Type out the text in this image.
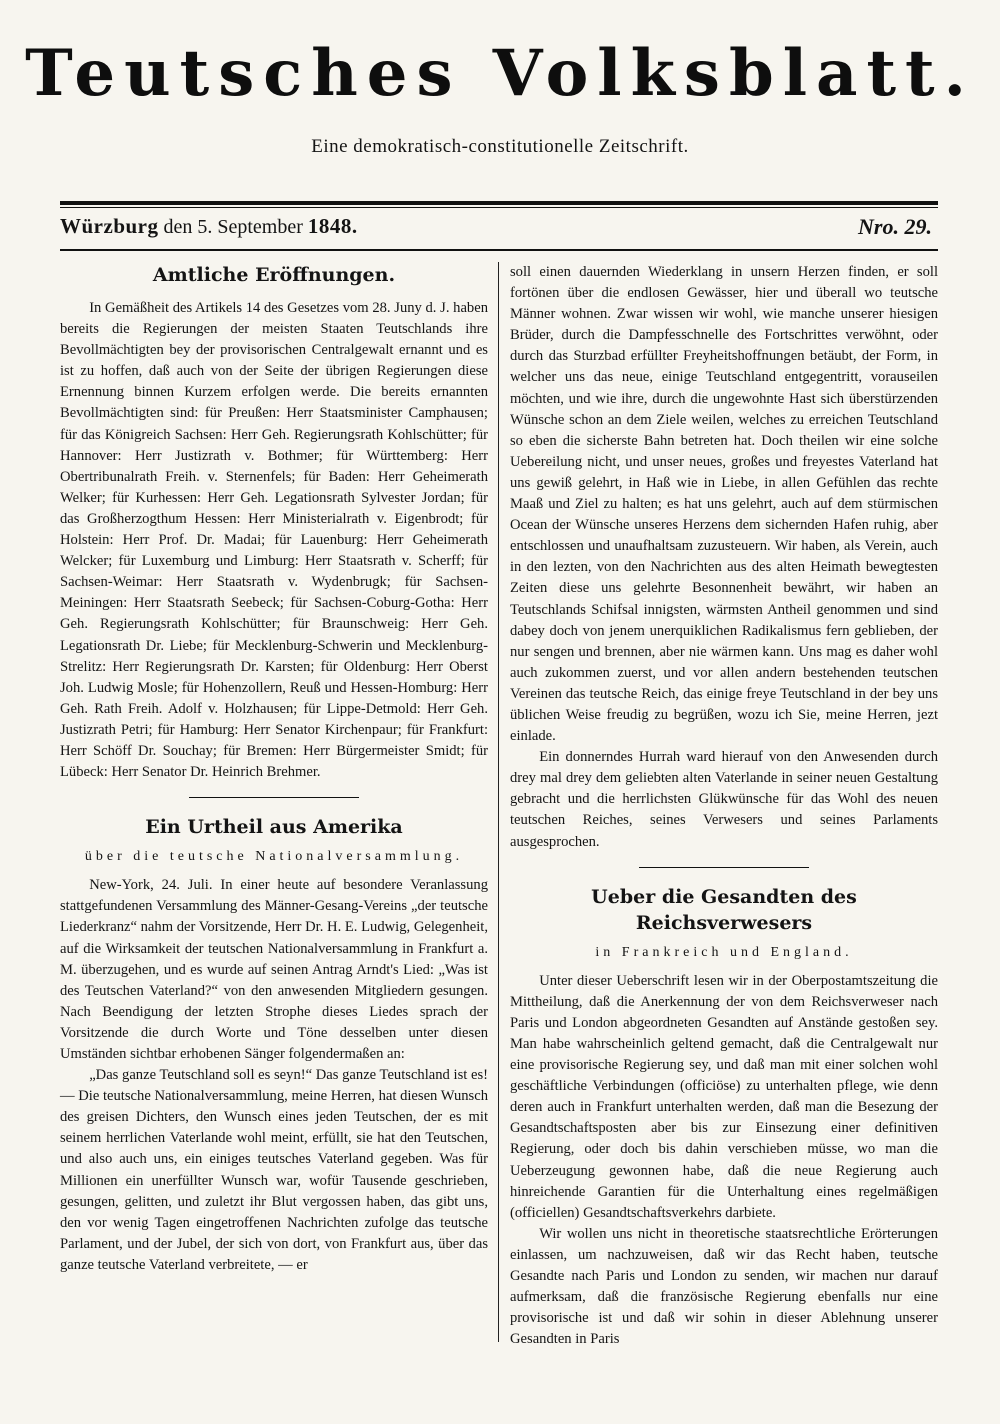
Teutsches Volksblatt.
Eine demokratisch-constitutionelle Zeitschrift.
Würzburg den 5. September 1848.	Nro. 29.
Amtliche Eröffnungen.

In Gemäßheit des Artikels 14 des Gesetzes vom 28. Juny d. J. haben bereits die Regierungen der meisten Staaten Teutschlands ihre Bevollmächtigten bey der provisorischen Centralgewalt ernannt und es ist zu hoffen, daß auch von der Seite der übrigen Regierungen diese Ernennung binnen Kurzem erfolgen werde. Die bereits ernannten Bevollmächtigten sind: für Preußen: Herr Staatsminister Camphausen; für das Königreich Sachsen: Herr Geh. Regierungsrath Kohlschütter; für Hannover: Herr Justizrath v. Bothmer; für Württemberg: Herr Obertribunalrath Freih. v. Sternenfels; für Baden: Herr Geheimerath Welker; für Kurhessen: Herr Geh. Legationsrath Sylvester Jordan; für das Großherzogthum Hessen: Herr Ministerialrath v. Eigenbrodt; für Holstein: Herr Prof. Dr. Madai; für Lauenburg: Herr Geheimerath Welcker; für Luxemburg und Limburg: Herr Staatsrath v. Scherff; für Sachsen-Weimar: Herr Staatsrath v. Wydenbrugk; für Sachsen-Meiningen: Herr Staatsrath Seebeck; für Sachsen-Coburg-Gotha: Herr Geh. Regierungsrath Kohlschütter; für Braunschweig: Herr Geh. Legationsrath Dr. Liebe; für Mecklenburg-Schwerin und Mecklenburg-Strelitz: Herr Regierungsrath Dr. Karsten; für Oldenburg: Herr Oberst Joh. Ludwig Mosle; für Hohenzollern, Reuß und Hessen-Homburg: Herr Geh. Rath Freih. Adolf v. Holzhausen; für Lippe-Detmold: Herr Geh. Justizrath Petri; für Hamburg: Herr Senator Kirchenpaur; für Frankfurt: Herr Schöff Dr. Souchay; für Bremen: Herr Bürgermeister Smidt; für Lübeck: Herr Senator Dr. Heinrich Brehmer.

Ein Urtheil aus Amerika
über die teutsche Nationalversammlung.

New-York, 24. Juli. In einer heute auf besondere Veranlassung stattgefundenen Versammlung des Männer-Gesang-Vereins „der teutsche Liederkranz“ nahm der Vorsitzende, Herr Dr. H. E. Ludwig, Gelegenheit, auf die Wirksamkeit der teutschen Nationalversammlung in Frankfurt a. M. überzugehen, und es wurde auf seinen Antrag Arndt's Lied: „Was ist des Teutschen Vaterland?“ von den anwesenden Mitgliedern gesungen. Nach Beendigung der letzten Strophe dieses Liedes sprach der Vorsitzende die durch Worte und Töne desselben unter diesen Umständen sichtbar erhobenen Sänger folgendermaßen an:

„Das ganze Teutschland soll es seyn!“ Das ganze Teutschland ist es! — Die teutsche Nationalversammlung, meine Herren, hat diesen Wunsch des greisen Dichters, den Wunsch eines jeden Teutschen, der es mit seinem herrlichen Vaterlande wohl meint, erfüllt, sie hat den Teutschen, und also auch uns, ein einiges teutsches Vaterland gegeben. Was für Millionen ein unerfüllter Wunsch war, wofür Tausende geschrieben, gesungen, gelitten, und zuletzt ihr Blut vergossen haben, das gibt uns, den vor wenig Tagen eingetroffenen Nachrichten zufolge das teutsche Parlament, und der Jubel, der sich von dort, von Frankfurt aus, über das ganze teutsche Vaterland verbreitete, — er

soll einen dauernden Wiederklang in unsern Herzen finden, er soll fortönen über die endlosen Gewässer, hier und überall wo teutsche Männer wohnen. Zwar wissen wir wohl, wie manche unserer hiesigen Brüder, durch die Dampfesschnelle des Fortschrittes verwöhnt, oder durch das Sturzbad erfüllter Freyheitshoffnungen betäubt, der Form, in welcher uns das neue, einige Teutschland entgegentritt, vorauseilen möchten, und wie ihre, durch die ungewohnte Hast sich überstürzenden Wünsche schon an dem Ziele weilen, welches zu erreichen Teutschland so eben die sicherste Bahn betreten hat. Doch theilen wir eine solche Uebereilung nicht, und unser neues, großes und freyestes Vaterland hat uns gewiß gelehrt, in Haß wie in Liebe, in allen Gefühlen das rechte Maaß und Ziel zu halten; es hat uns gelehrt, auch auf dem stürmischen Ocean der Wünsche unseres Herzens dem sichernden Hafen ruhig, aber entschlossen und unaufhaltsam zuzusteuern. Wir haben, als Verein, auch in den lezten, von den Nachrichten aus des alten Heimath bewegtesten Zeiten diese uns gelehrte Besonnenheit bewährt, wir haben an Teutschlands Schifsal innigsten, wärmsten Antheil genommen und sind dabey doch von jenem unerquiklichen Radikalismus fern geblieben, der nur sengen und brennen, aber nie wärmen kann. Uns mag es daher wohl auch zukommen zuerst, und vor allen andern bestehenden teutschen Vereinen das teutsche Reich, das einige freye Teutschland in der bey uns üblichen Weise freudig zu begrüßen, wozu ich Sie, meine Herren, jezt einlade.

Ein donnerndes Hurrah ward hierauf von den Anwesenden durch drey mal drey dem geliebten alten Vaterlande in seiner neuen Gestaltung gebracht und die herrlichsten Glükwünsche für das Wohl des neuen teutschen Reiches, seines Verwesers und seines Parlaments ausgesprochen.

Ueber die Gesandten des Reichsverwesers
in Frankreich und England.

Unter dieser Ueberschrift lesen wir in der Oberpostamtszeitung die Mittheilung, daß die Anerkennung der von dem Reichsverweser nach Paris und London abgeordneten Gesandten auf Anstände gestoßen sey. Man habe wahrscheinlich geltend gemacht, daß die Centralgewalt nur eine provisorische Regierung sey, und daß man mit einer solchen wohl geschäftliche Verbindungen (officiöse) zu unterhalten pflege, wie denn deren auch in Frankfurt unterhalten werden, daß man die Besezung der Gesandtschaftsposten aber bis zur Einsezung einer definitiven Regierung, oder doch bis dahin verschieben müsse, wo man die Ueberzeugung gewonnen habe, daß die neue Regierung auch hinreichende Garantien für die Unterhaltung eines regelmäßigen (officiellen) Gesandtschaftsverkehrs darbiete.

Wir wollen uns nicht in theoretische staatsrechtliche Erörterungen einlassen, um nachzuweisen, daß wir das Recht haben, teutsche Gesandte nach Paris und London zu senden, wir machen nur darauf aufmerksam, daß die französische Regierung ebenfalls nur eine provisorische ist und daß wir sohin in dieser Ablehnung unserer Gesandten in Paris
